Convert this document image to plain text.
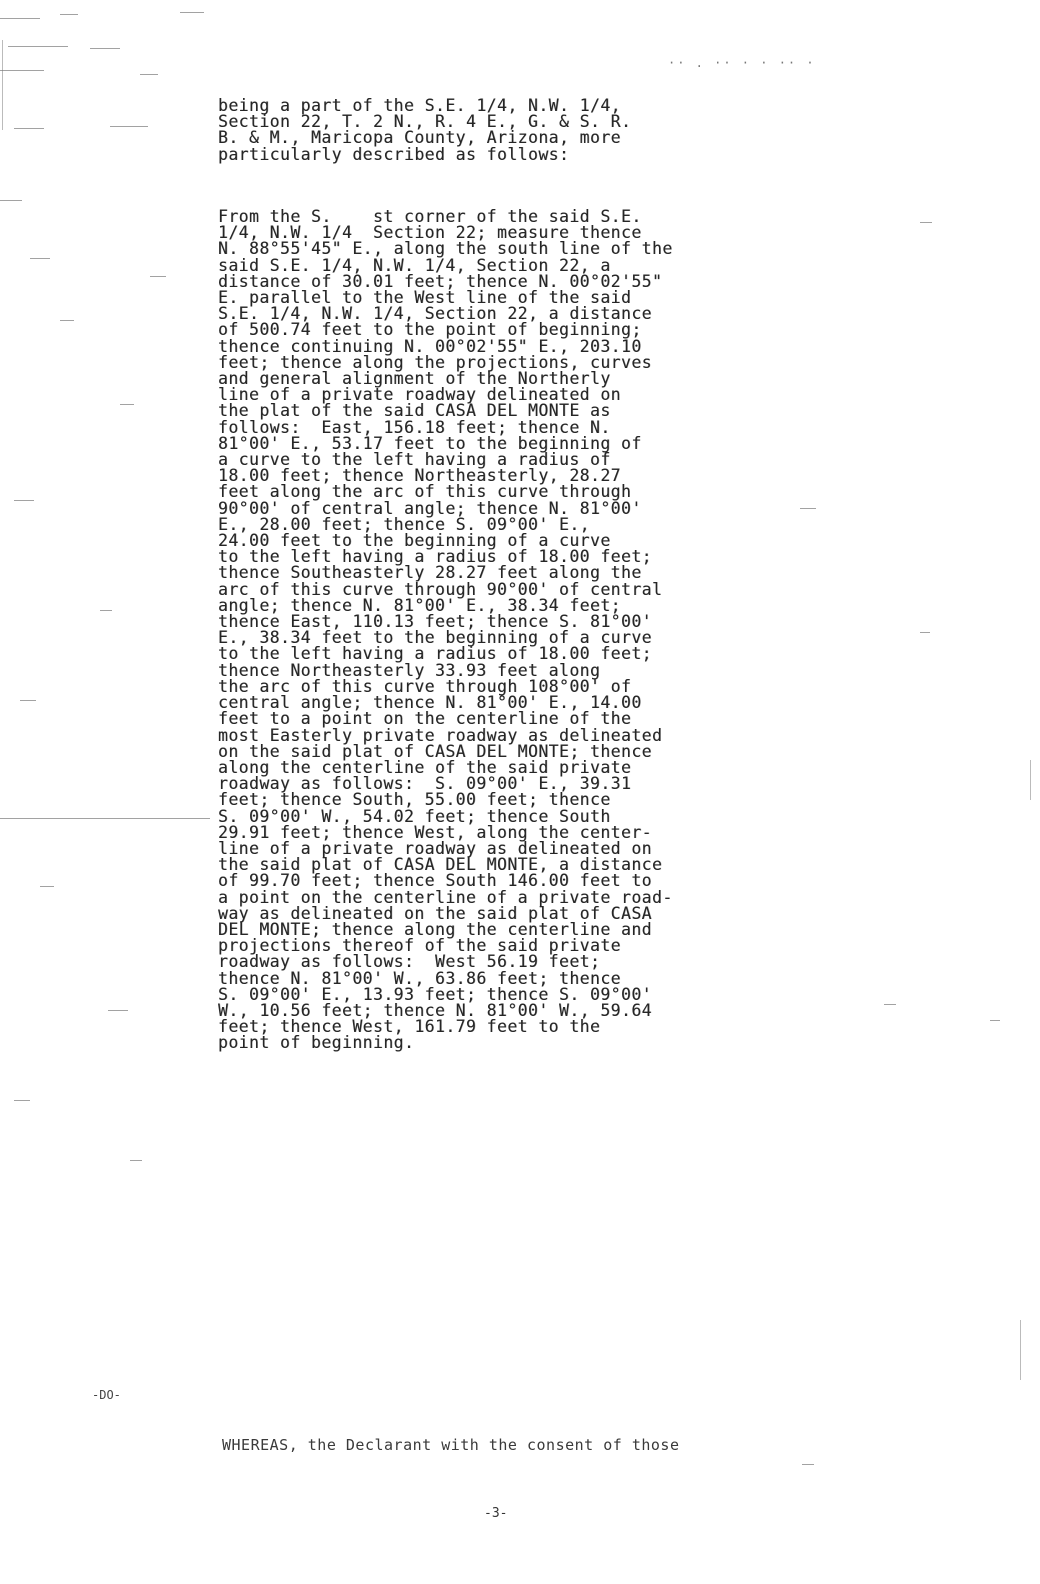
·· . ·· · · ·· ·
being a part of the S.E. 1/4, N.W. 1/4,
Section 22, T. 2 N., R. 4 E., G. & S. R.
B. & M., Maricopa County, Arizona, more
particularly described as follows:
From the S.    st corner of the said S.E.
1/4, N.W. 1/4  Section 22; measure thence
N. 88°55'45" E., along the south line of the
said S.E. 1/4, N.W. 1/4, Section 22, a
distance of 30.01 feet; thence N. 00°02'55"
E. parallel to the West line of the said
S.E. 1/4, N.W. 1/4, Section 22, a distance
of 500.74 feet to the point of beginning;
thence continuing N. 00°02'55" E., 203.10
feet; thence along the projections, curves
and general alignment of the Northerly
line of a private roadway delineated on
the plat of the said CASA DEL MONTE as
follows:  East, 156.18 feet; thence N.
81°00' E., 53.17 feet to the beginning of
a curve to the left having a radius of
18.00 feet; thence Northeasterly, 28.27
feet along the arc of this curve through
90°00' of central angle; thence N. 81°00'
E., 28.00 feet; thence S. 09°00' E.,
24.00 feet to the beginning of a curve
to the left having a radius of 18.00 feet;
thence Southeasterly 28.27 feet along the
arc of this curve through 90°00' of central
angle; thence N. 81°00' E., 38.34 feet;
thence East, 110.13 feet; thence S. 81°00'
E., 38.34 feet to the beginning of a curve
to the left having a radius of 18.00 feet;
thence Northeasterly 33.93 feet along
the arc of this curve through 108°00' of
central angle; thence N. 81°00' E., 14.00
feet to a point on the centerline of the
most Easterly private roadway as delineated
on the said plat of CASA DEL MONTE; thence
along the centerline of the said private
roadway as follows:  S. 09°00' E., 39.31
feet; thence South, 55.00 feet; thence
S. 09°00' W., 54.02 feet; thence South
29.91 feet; thence West, along the center-
line of a private roadway as delineated on
the said plat of CASA DEL MONTE, a distance
of 99.70 feet; thence South 146.00 feet to
a point on the centerline of a private road-
way as delineated on the said plat of CASA
DEL MONTE; thence along the centerline and
projections thereof of the said private
roadway as follows:  West 56.19 feet;
thence N. 81°00' W., 63.86 feet; thence
S. 09°00' E., 13.93 feet; thence S. 09°00'
W., 10.56 feet; thence N. 81°00' W., 59.64
feet; thence West, 161.79 feet to the
point of beginning.
-DO-
WHEREAS, the Declarant with the consent of those
-3-
